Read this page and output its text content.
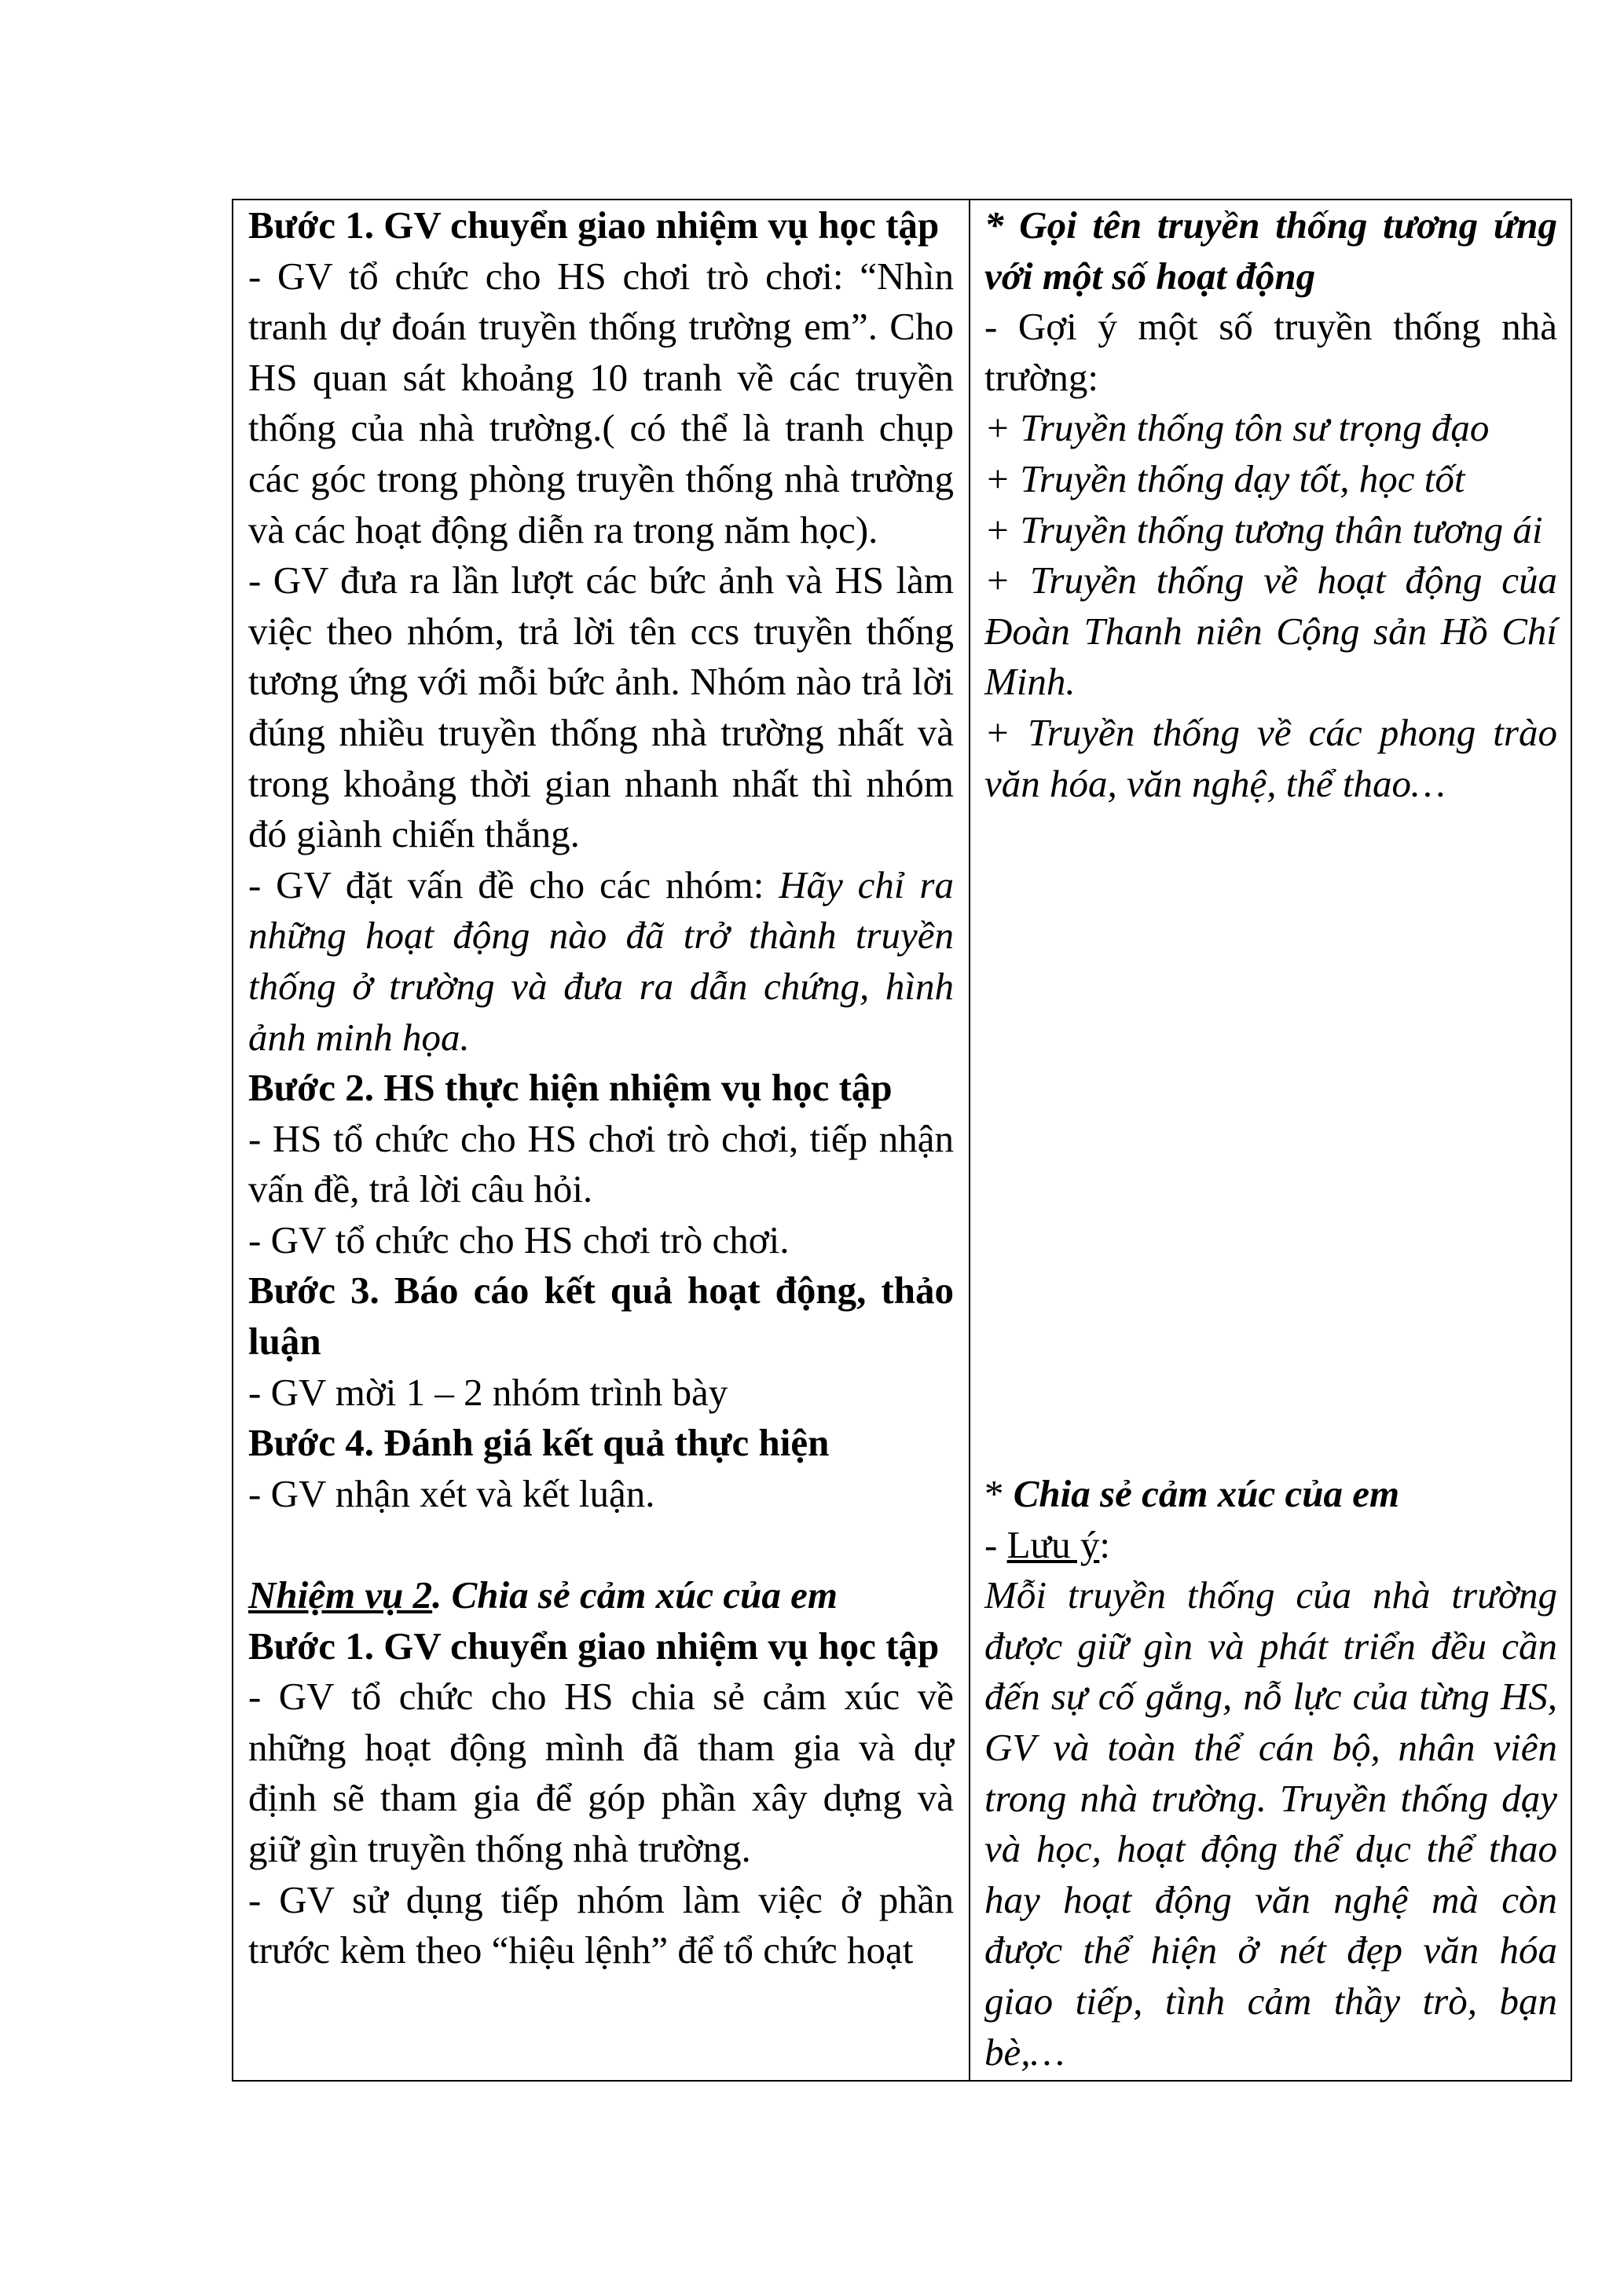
Bước 1. GV chuyển giao nhiệm vụ học tập

- GV tổ chức cho HS chơi trò chơi: “Nhìn tranh dự đoán truyền thống trường em”. Cho HS quan sát khoảng 10 tranh về các truyền thống của nhà trường.( có thể là tranh chụp các góc trong phòng truyền thống nhà trường và các hoạt động diễn ra trong năm học).

- GV đưa ra lần lượt các bức ảnh và HS làm việc theo nhóm, trả lời tên ccs truyền thống tương ứng với mỗi bức ảnh. Nhóm nào trả lời đúng nhiều truyền thống nhà trường nhất và trong khoảng thời gian nhanh nhất thì nhóm đó giành chiến thắng.

- GV đặt vấn đề cho các nhóm: Hãy chỉ ra những hoạt động nào đã trở thành truyền thống ở trường và đưa ra dẫn chứng, hình ảnh minh họa.

Bước 2. HS thực hiện nhiệm vụ học tập

- HS tổ chức cho HS chơi trò chơi, tiếp nhận vấn đề, trả lời câu hỏi.

- GV tổ chức cho HS chơi trò chơi.

Bước 3. Báo cáo kết quả hoạt động, thảo luận

- GV mời 1 – 2 nhóm trình bày

Bước 4. Đánh giá kết quả thực hiện

- GV nhận xét và kết luận.

Nhiệm vụ 2. Chia sẻ cảm xúc của em

Bước 1. GV chuyển giao nhiệm vụ học tập

- GV tổ chức cho HS chia sẻ cảm xúc về những hoạt động mình đã tham gia và dự định sẽ tham gia để góp phần xây dựng và giữ gìn truyền thống nhà trường.

- GV sử dụng tiếp nhóm làm việc ở phần trước kèm theo “hiệu lệnh” để tổ chức hoạt

* Gọi tên truyền thống tương ứng với một số hoạt động

- Gợi ý một số truyền thống nhà trường:

+ Truyền thống tôn sư trọng đạo

+ Truyền thống dạy tốt, học tốt

+ Truyền thống tương thân tương ái

+ Truyền thống về hoạt động của Đoàn Thanh niên Cộng sản Hồ Chí Minh.

+ Truyền thống về các phong trào văn hóa, văn nghệ, thể thao…

* Chia sẻ cảm xúc của em

- Lưu ý:

Mỗi truyền thống của nhà trường được giữ gìn và phát triển đều cần đến sự cố gắng, nỗ lực của từng HS, GV và toàn thể cán bộ, nhân viên trong nhà trường. Truyền thống dạy và học, hoạt động thể dục thể thao hay hoạt động văn nghệ mà còn được thể hiện ở nét đẹp văn hóa giao tiếp, tình cảm thầy trò, bạn bè,…
